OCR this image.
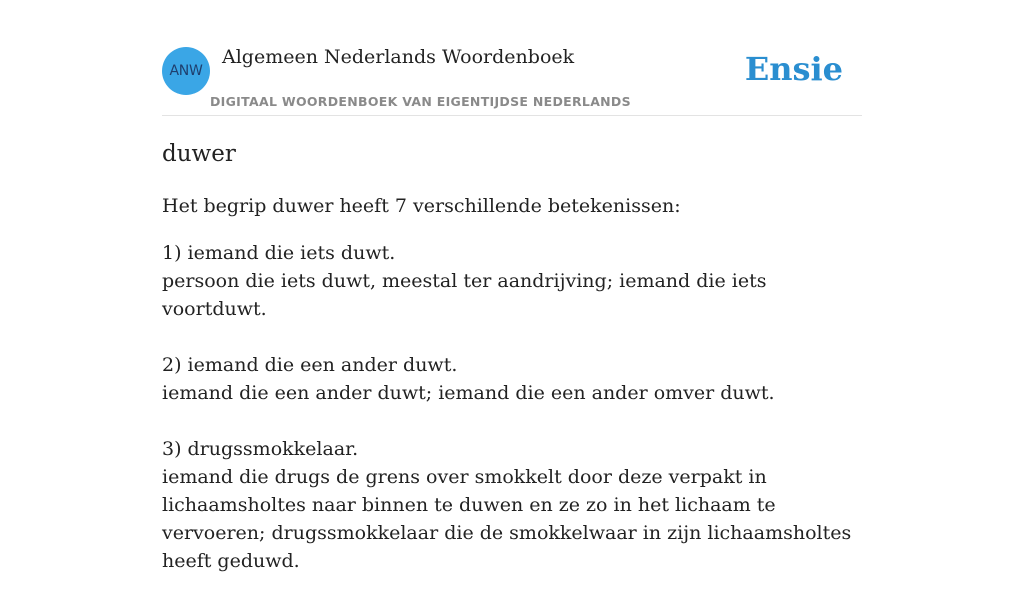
ANW
Algemeen Nederlands Woordenboek
DIGITAAL WOORDENBOEK VAN EIGENTIJDSE NEDERLANDS
Ensie
duwer
Het begrip duwer heeft 7 verschillende betekenissen:
1) iemand die iets duwt.
persoon die iets duwt, meestal ter aandrijving; iemand die iets voortduwt.
2) iemand die een ander duwt.
iemand die een ander duwt; iemand die een ander omver duwt.
3) drugssmokkelaar.
iemand die drugs de grens over smokkelt door deze verpakt in lichaamsholtes naar binnen te duwen en ze zo in het lichaam te vervoeren; drugssmokkelaar die de smokkelwaar in zijn lichaamsholtes heeft geduwd.
